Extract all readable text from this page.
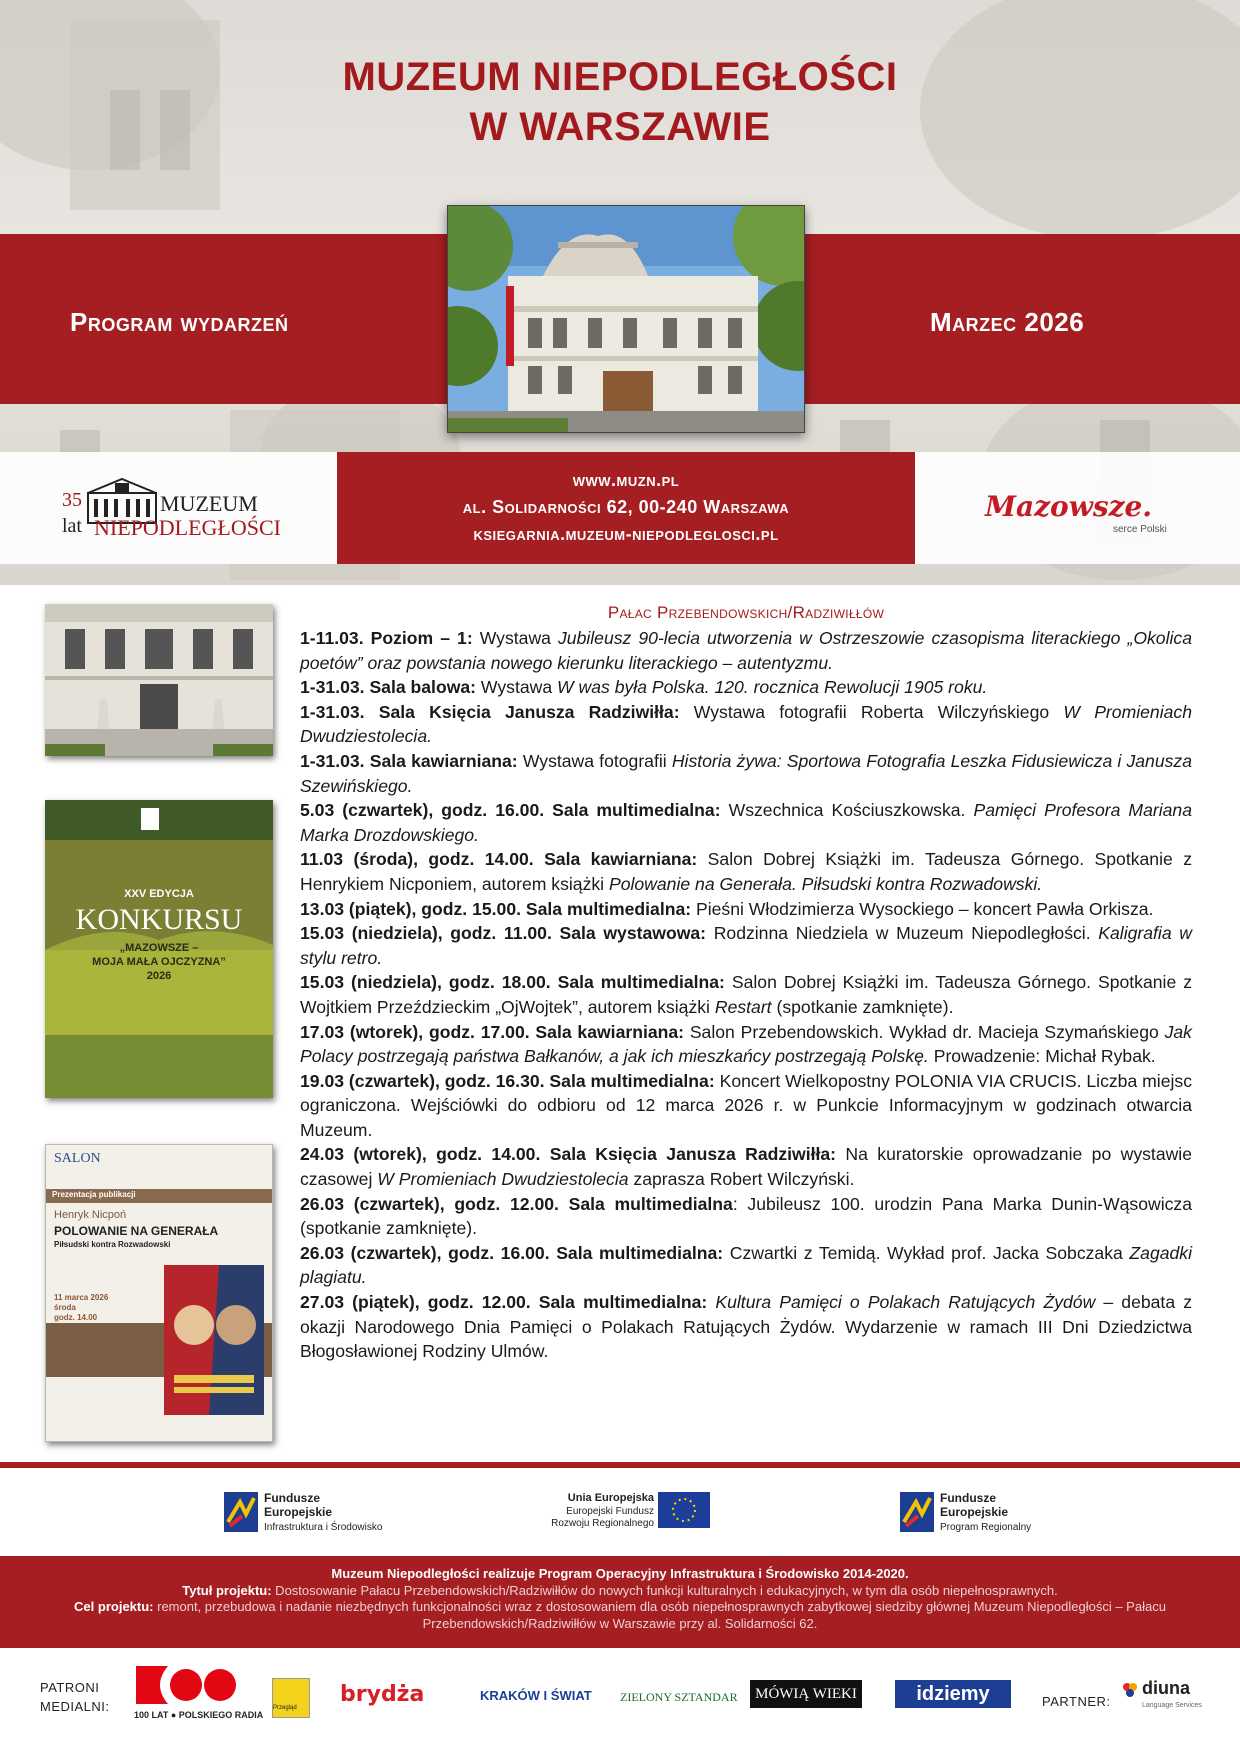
MUZEUM NIEPODLEGŁOŚCI
W WARSZAWIE
Program wydarzeń	Marzec 2026
35
lat
MUZEUM
NIEPODLEGŁOŚCI
www.muzn.pl
al. Solidarności 62, 00-240 Warszawa
ksiegarnia.muzeum-niepodleglosci.pl
Mazowsze.
serce Polski
XXV EDYCJA
KONKURSU
„MAZOWSZE –
MOJA MAŁA OJCZYZNA”
2026
SALON
Prezentacja publikacji
Henryk Nicpoń
POLOWANIE NA GENERAŁA
Piłsudski kontra Rozwadowski
11 marca 2026
środa
godz. 14.00
Pałac Przebendowskich/Radziwiłłów
1-11.03. Poziom – 1: Wystawa Jubileusz 90-lecia utworzenia w Ostrzeszowie czasopisma literackiego „Okolica poetów” oraz powstania nowego kierunku literackiego – autentyzmu.
1-31.03. Sala balowa: Wystawa W was była Polska. 120. rocznica Rewolucji 1905 roku.
1-31.03. Sala Księcia Janusza Radziwiłła: Wystawa fotografii Roberta Wilczyńskiego W Promieniach Dwudziestolecia.
1-31.03. Sala kawiarniana: Wystawa fotografii Historia żywa: Sportowa Fotografia Leszka Fidusiewicza i Janusza Szewińskiego.
5.03 (czwartek), godz. 16.00. Sala multimedialna: Wszechnica Kościuszkowska. Pamięci Profesora Mariana Marka Drozdowskiego.
11.03 (środa), godz. 14.00. Sala kawiarniana: Salon Dobrej Książki im. Tadeusza Górnego. Spotkanie z Henrykiem Nicponiem, autorem książki Polowanie na Generała. Piłsudski kontra Rozwadowski.
13.03 (piątek), godz. 15.00. Sala multimedialna: Pieśni Włodzimierza Wysockiego – koncert Pawła Orkisza.
15.03 (niedziela), godz. 11.00. Sala wystawowa: Rodzinna Niedziela w Muzeum Niepodległości. Kaligrafia w stylu retro.
15.03 (niedziela), godz. 18.00. Sala multimedialna: Salon Dobrej Książki im. Tadeusza Górnego. Spotkanie z Wojtkiem Przeździeckim „OjWojtek”, autorem książki Restart (spotkanie zamknięte).
17.03 (wtorek), godz. 17.00. Sala kawiarniana: Salon Przebendowskich. Wykład dr. Macieja Szymańskiego Jak Polacy postrzegają państwa Bałkanów, a jak ich mieszkańcy postrzegają Polskę. Prowadzenie: Michał Rybak.
19.03 (czwartek), godz. 16.30. Sala multimedialna: Koncert Wielkopostny POLONIA VIA CRUCIS. Liczba miejsc ograniczona. Wejściówki do odbioru od 12 marca 2026 r. w Punkcie Informacyjnym w godzinach otwarcia Muzeum.
24.03 (wtorek), godz. 14.00. Sala Księcia Janusza Radziwiłła: Na kuratorskie oprowadzanie po wystawie czasowej W Promieniach Dwudziestolecia zaprasza Robert Wilczyński.
26.03 (czwartek), godz. 12.00. Sala multimedialna: Jubileusz 100. urodzin Pana Marka Dunin-Wąsowicza (spotkanie zamknięte).
26.03 (czwartek), godz. 16.00. Sala multimedialna: Czwartki z Temidą. Wykład prof. Jacka Sobczaka Zagadki plagiatu.
27.03 (piątek), godz. 12.00. Sala multimedialna: Kultura Pamięci o Polakach Ratujących Żydów – debata z okazji Narodowego Dnia Pamięci o Polakach Ratujących Żydów. Wydarzenie w ramach III Dni Dziedzictwa Błogosławionej Rodziny Ulmów.
Fundusze
Europejskie
Infrastruktura i Środowisko
Unia Europejska
Europejski Fundusz
Rozwoju Regionalnego
Fundusze
Europejskie
Program Regionalny
Muzeum Niepodległości realizuje Program Operacyjny Infrastruktura i Środowisko 2014-2020.
Tytuł projektu: Dostosowanie Pałacu Przebendowskich/Radziwiłłów do nowych funkcji kulturalnych i edukacyjnych, w tym dla osób niepełnosprawnych.
Cel projektu: remont, przebudowa i nadanie niezbędnych funkcjonalności wraz z dostosowaniem dla osób niepełnosprawnych zabytkowej siedziby głównej Muzeum Niepodległości – Pałacu Przebendowskich/Radziwiłłów w Warszawie przy al. Solidarności 62.
PATRONI
MEDIALNI:
100 LAT ● POLSKIEGO RADIA
Przegląd
brydża	KRAKÓW I ŚWIAT ZIELONY SZTANDAR	MÓWIĄ WIEKI	idziemy	PARTNER:
diuna
Language Services
